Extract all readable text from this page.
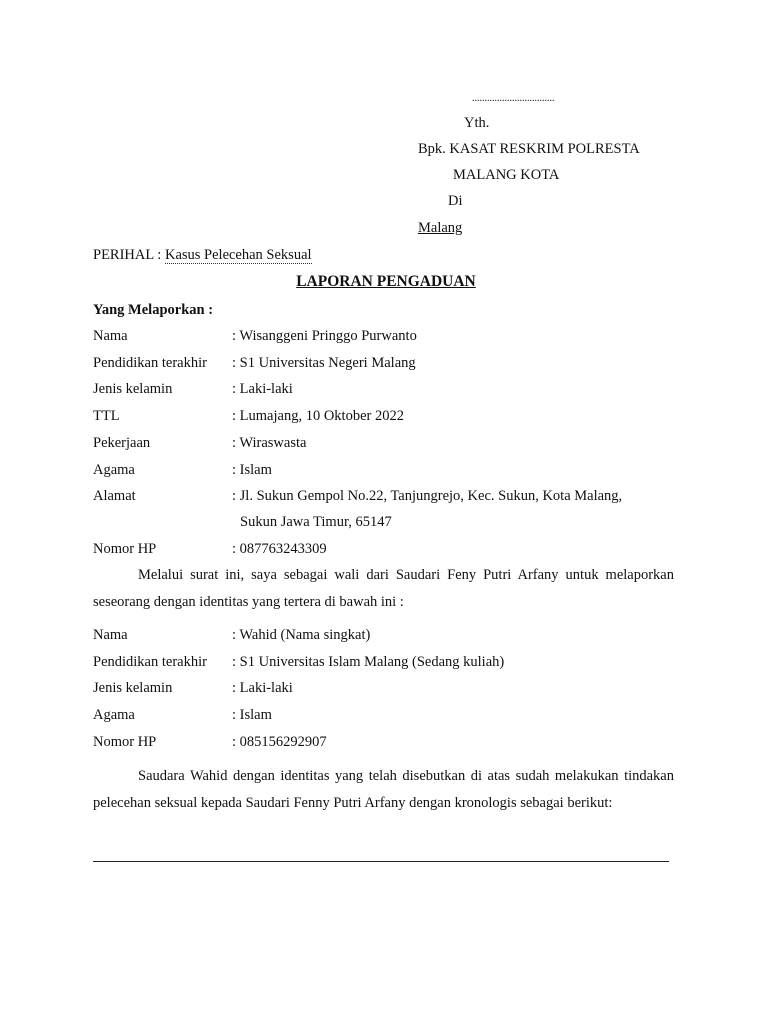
.................................
Yth.
Bpk. KASAT RESKRIM POLRESTA
MALANG KOTA
Di
Malang
PERIHAL : Kasus Pelecehan Seksual
LAPORAN PENGADUAN
Yang Melaporkan :
Nama	: Wisanggeni Pringgo Purwanto
Pendidikan terakhir : S1 Universitas Negeri Malang
Jenis kelamin	: Laki-laki
TTL	: Lumajang, 10 Oktober 2022
Pekerjaan	: Wiraswasta
Agama	: Islam
Alamat	: Jl. Sukun Gempol No.22, Tanjungrejo, Kec. Sukun, Kota Malang,
Sukun Jawa Timur, 65147
Nomor HP	: 087763243309
Melalui surat ini, saya sebagai wali dari Saudari Feny Putri Arfany untuk melaporkan seseorang dengan identitas yang tertera di bawah ini :
Nama	: Wahid (Nama singkat)
Pendidikan terakhir : S1 Universitas Islam Malang (Sedang kuliah)
Jenis kelamin	: Laki-laki
Agama	: Islam
Nomor HP	: 085156292907
Saudara Wahid dengan identitas yang telah disebutkan di atas sudah melakukan tindakan pelecehan seksual kepada Saudari Fenny Putri Arfany dengan kronologis sebagai berikut:
